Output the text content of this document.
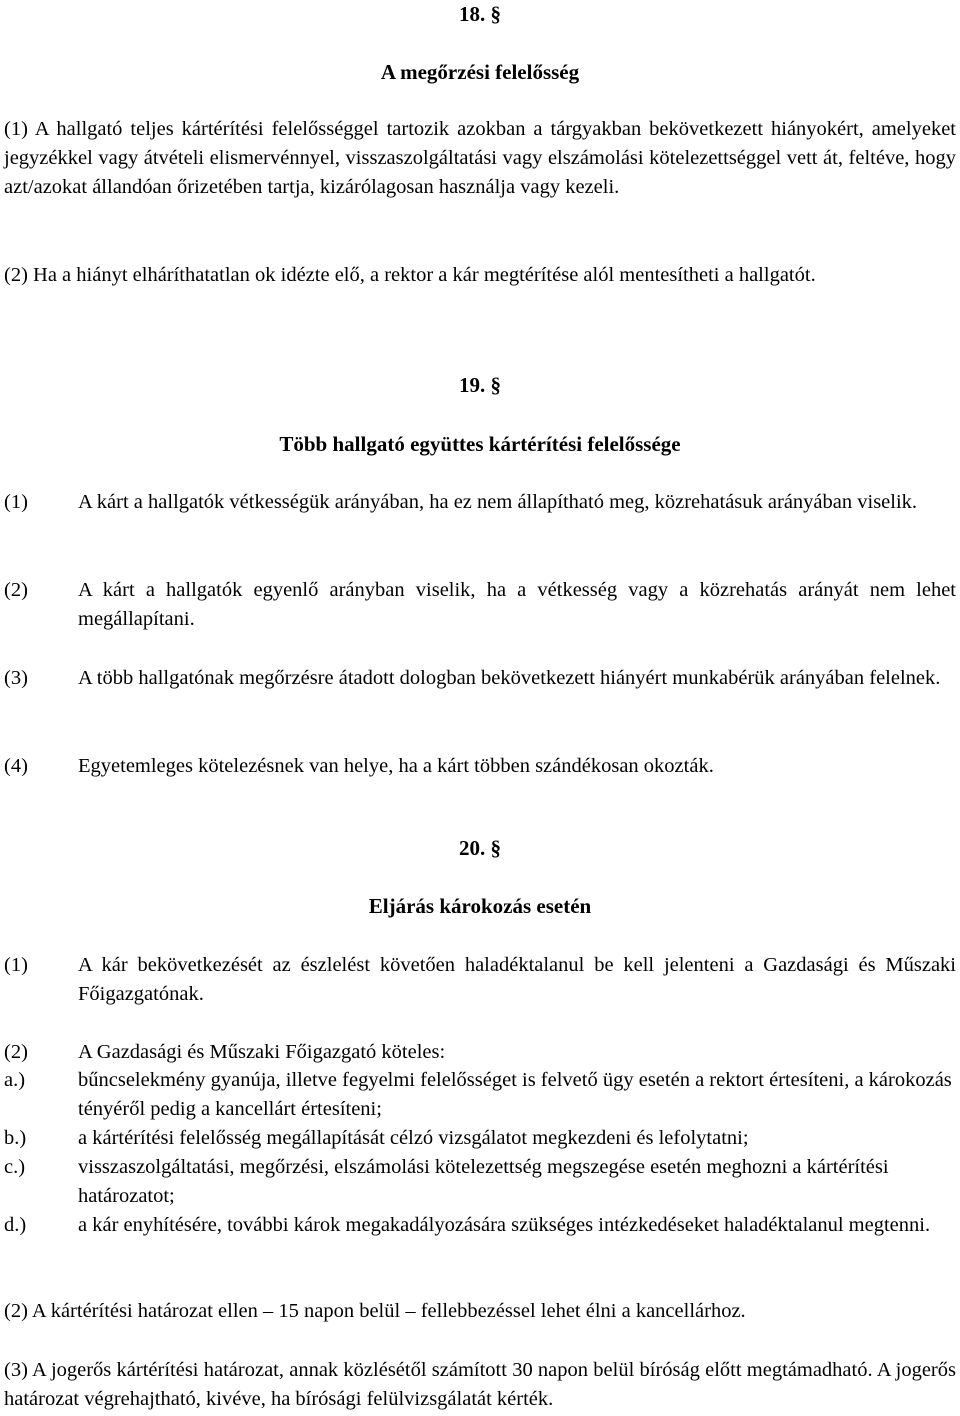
18. §
A megőrzési felelősség

(1) A hallgató teljes kártérítési felelősséggel tartozik azokban a tárgyakban bekövetkezett hiányokért, amelyeket jegyzékkel vagy átvételi elismervénnyel, visszaszolgáltatási vagy elszámolási kötelezettséggel vett át, feltéve, hogy azt/azokat állandóan őrizetében tartja, kizárólagosan használja vagy kezeli.

(2) Ha a hiányt elháríthatatlan ok idézte elő, a rektor a kár megtérítése alól mentesítheti a hallgatót.

19. §
Több hallgató együttes kártérítési felelőssége

(1) A kárt a hallgatók vétkességük arányában, ha ez nem állapítható meg, közrehatásuk arányában viselik.

(2) A kárt a hallgatók egyenlő arányban viselik, ha a vétkesség vagy a közrehatás arányát nem lehet megállapítani.

(3) A több hallgatónak megőrzésre átadott dologban bekövetkezett hiányért munkabérük arányában felelnek.

(4)	Egyetemleges kötelezésnek van helye, ha a kárt többen szándékosan okozták.
20. §
Eljárás károkozás esetén

(1) A kár bekövetkezését az észlelést követően haladéktalanul be kell jelenteni a Gazdasági és Műszaki Főigazgatónak.

(2)	A Gazdasági és Műszaki Főigazgató köteles:
a.)	bűncselekmény gyanúja, illetve fegyelmi felelősséget is felvető ügy esetén a rektort értesíteni, a károkozás tényéről pedig a kancellárt értesíteni;
b.)	a kártérítési felelősség megállapítását célzó vizsgálatot megkezdeni és lefolytatni;
c.)	visszaszolgáltatási, megőrzési, elszámolási kötelezettség megszegése esetén meghozni a kártérítési határozatot;
d.)	a kár enyhítésére, további károk megakadályozására szükséges intézkedéseket haladéktalanul megtenni.

(2) A kártérítési határozat ellen – 15 napon belül – fellebbezéssel lehet élni a kancellárhoz.

(3) A jogerős kártérítési határozat, annak közlésétől számított 30 napon belül bíróság előtt megtámadható. A jogerős határozat végrehajtható, kivéve, ha bírósági felülvizsgálatát kérték.
